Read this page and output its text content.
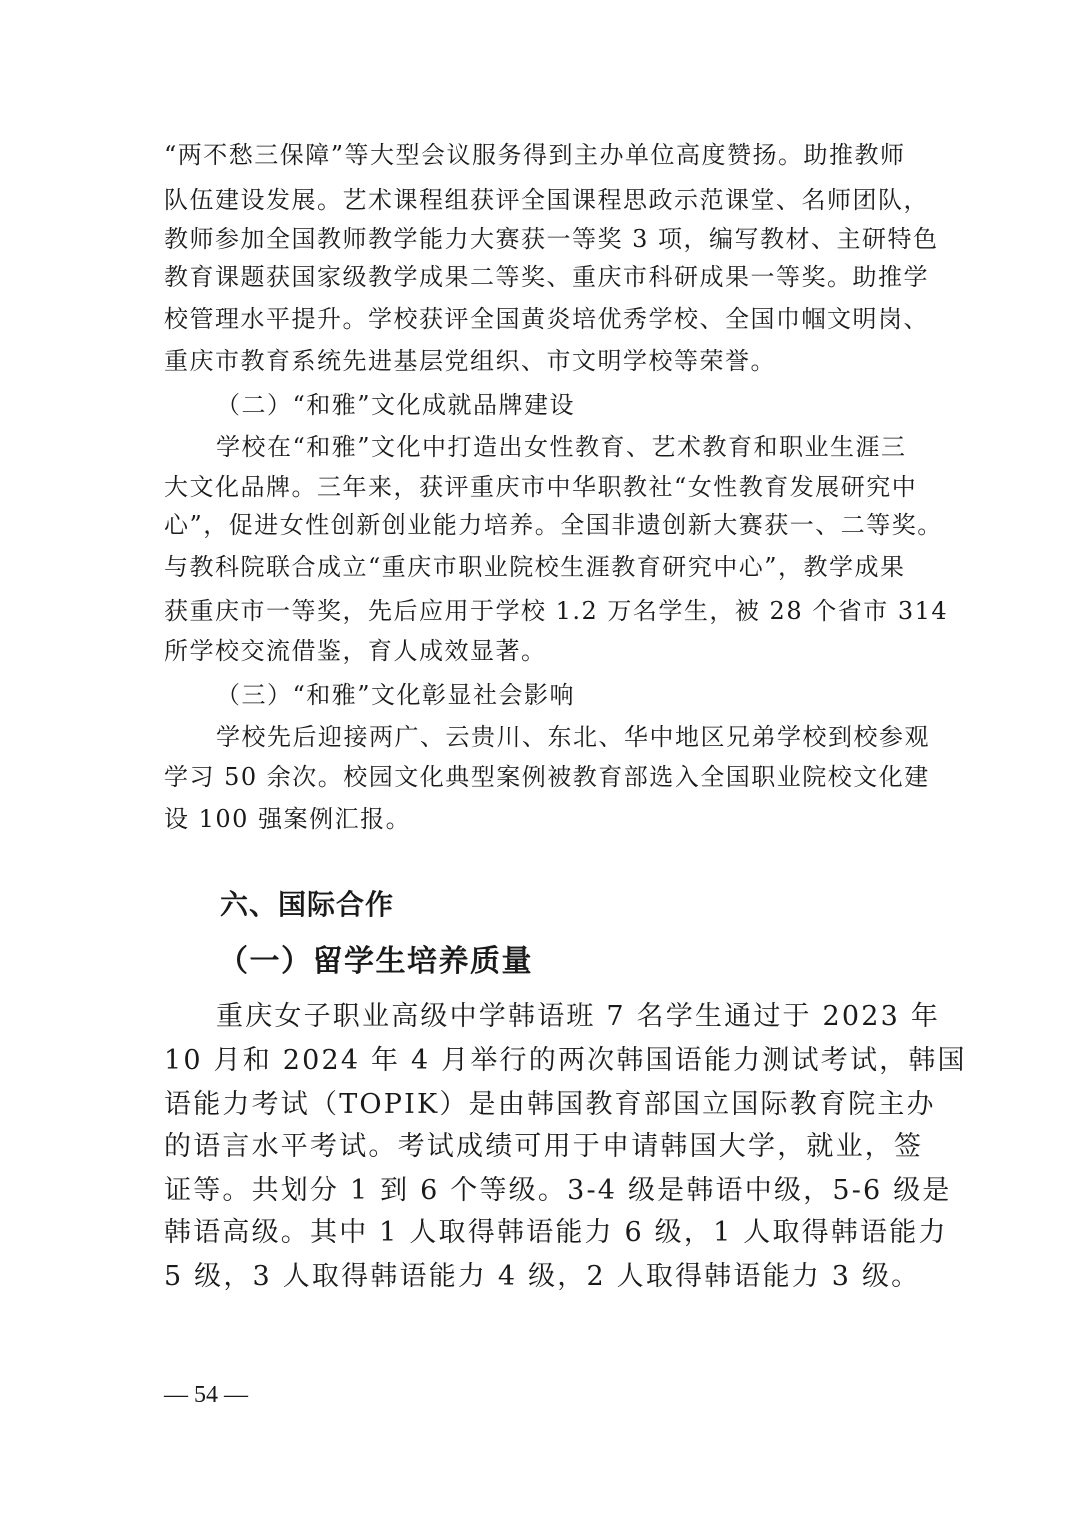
“两不愁三保障”等大型会议服务得到主办单位高度赞扬。助推教师
队伍建设发展。艺术课程组获评全国课程思政示范课堂、名师团队，
教师参加全国教师教学能力大赛获一等奖 3 项，编写教材、主研特色
教育课题获国家级教学成果二等奖、重庆市科研成果一等奖。助推学
校管理水平提升。学校获评全国黄炎培优秀学校、全国巾帼文明岗、
重庆市教育系统先进基层党组织、市文明学校等荣誉。
（二）“和雅”文化成就品牌建设
学校在“和雅”文化中打造出女性教育、艺术教育和职业生涯三
大文化品牌。三年来，获评重庆市中华职教社“女性教育发展研究中
心”，促进女性创新创业能力培养。全国非遗创新大赛获一、二等奖。
与教科院联合成立“重庆市职业院校生涯教育研究中心”，教学成果
获重庆市一等奖，先后应用于学校 1.2 万名学生，被 28 个省市 314
所学校交流借鉴，育人成效显著。
（三）“和雅”文化彰显社会影响
学校先后迎接两广、云贵川、东北、华中地区兄弟学校到校参观
学习 50 余次。校园文化典型案例被教育部选入全国职业院校文化建
设 100 强案例汇报。
六、国际合作
（一）留学生培养质量
重庆女子职业高级中学韩语班 7 名学生通过于 2023 年
10 月和 2024 年 4 月举行的两次韩国语能力测试考试，韩国
语能力考试（TOPIK）是由韩国教育部国立国际教育院主办
的语言水平考试。考试成绩可用于申请韩国大学，就业，签
证等。共划分 1 到 6 个等级。3-4 级是韩语中级，5-6 级是
韩语高级。其中 1 人取得韩语能力 6 级，1 人取得韩语能力
5 级，3 人取得韩语能力 4 级，2 人取得韩语能力 3 级。
— 54 —
